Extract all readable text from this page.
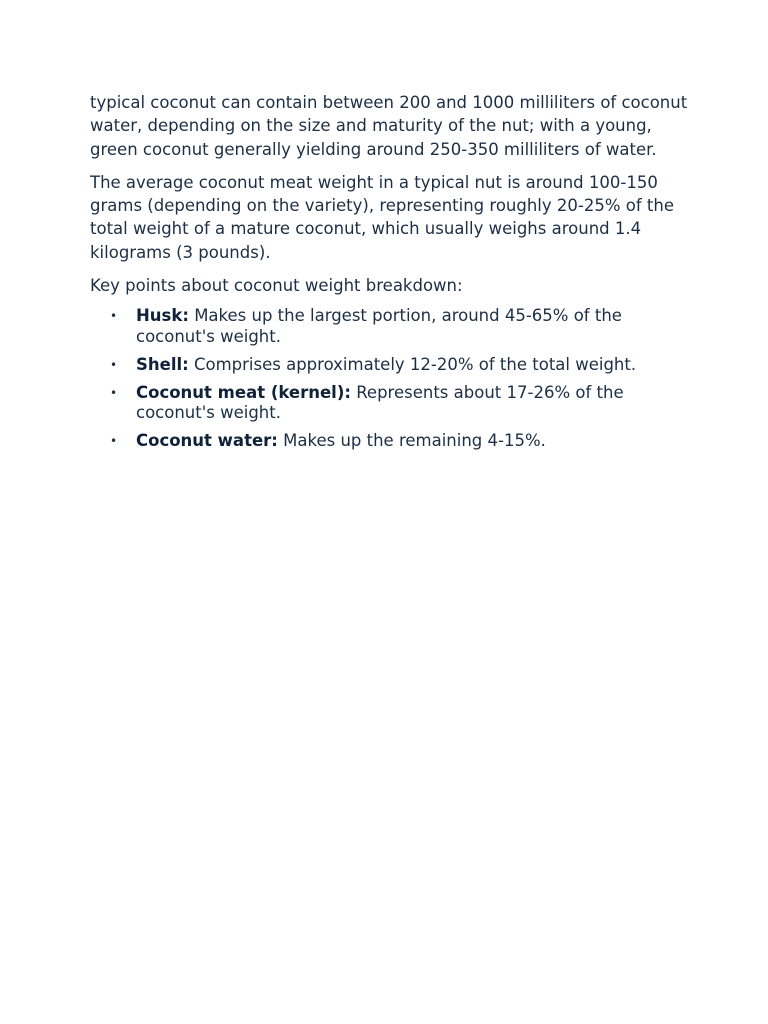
typical coconut can contain between 200 and 1000 milliliters of coconut water, depending on the size and maturity of the nut; with a young, green coconut generally yielding around 250-350 milliliters of water.

The average coconut meat weight in a typical nut is around 100-150 grams (depending on the variety), representing roughly 20-25% of the total weight of a mature coconut, which usually weighs around 1.4 kilograms (3 pounds).

Key points about coconut weight breakdown:

• Husk: Makes up the largest portion, around 45-65% of the coconut's weight.
• Shell: Comprises approximately 12-20% of the total weight.
• Coconut meat (kernel): Represents about 17-26% of the coconut's weight.
• Coconut water: Makes up the remaining 4-15%.
